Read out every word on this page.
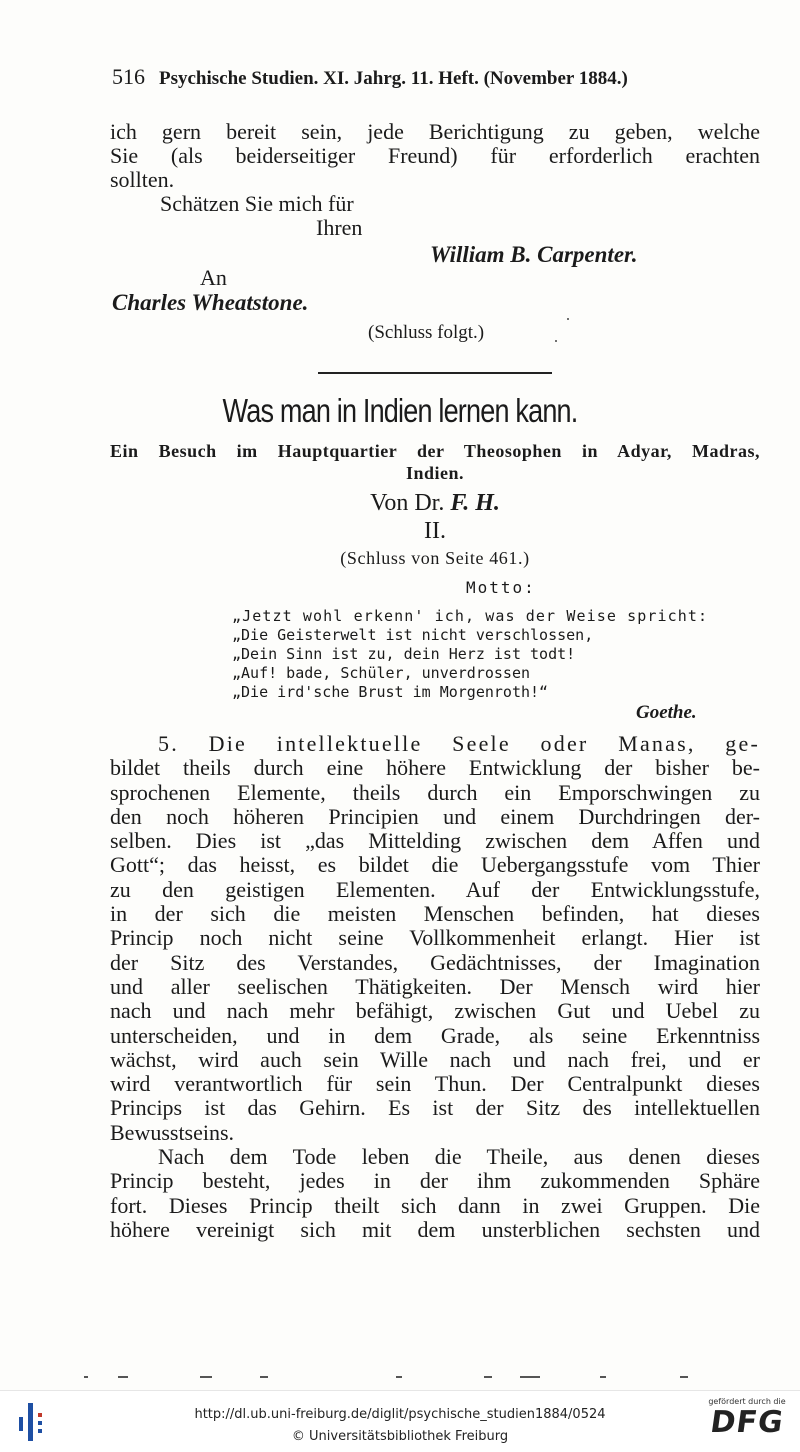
516 Psychische Studien. XI. Jahrg. 11. Heft. (November 1884.)
ich gern bereit sein, jede Berichtigung zu geben, welche
Sie (als beiderseitiger Freund) für erforderlich erachten
sollten.
Schätzen Sie mich für
Ihren
William B. Carpenter.
An
Charles Wheatstone.
(Schluss folgt.)
Was man in Indien lernen kann.
Ein Besuch im Hauptquartier der Theosophen in Adyar, Madras,
Indien.
Von Dr. F. H.
II.
(Schluss von Seite 461.)
Motto:
„Jetzt wohl erkenn' ich, was der Weise spricht:
„Die Geisterwelt ist nicht verschlossen,
„Dein Sinn ist zu, dein Herz ist todt!
„Auf! bade, Schüler, unverdrossen
„Die ird'sche Brust im Morgenroth!“
Goethe.
5. Die intellektuelle Seele oder Manas, ge-
bildet theils durch eine höhere Entwicklung der bisher be-
sprochenen Elemente, theils durch ein Emporschwingen zu
den noch höheren Principien und einem Durchdringen der-
selben. Dies ist „das Mittelding zwischen dem Affen und
Gott“; das heisst, es bildet die Uebergangsstufe vom Thier
zu den geistigen Elementen. Auf der Entwicklungsstufe,
in der sich die meisten Menschen befinden, hat dieses
Princip noch nicht seine Vollkommenheit erlangt. Hier ist
der Sitz des Verstandes, Gedächtnisses, der Imagination
und aller seelischen Thätigkeiten. Der Mensch wird hier
nach und nach mehr befähigt, zwischen Gut und Uebel zu
unterscheiden, und in dem Grade, als seine Erkenntniss
wächst, wird auch sein Wille nach und nach frei, und er
wird verantwortlich für sein Thun. Der Centralpunkt dieses
Princips ist das Gehirn. Es ist der Sitz des intellektuellen
Bewusstseins.
Nach dem Tode leben die Theile, aus denen dieses
Princip besteht, jedes in der ihm zukommenden Sphäre
fort. Dieses Princip theilt sich dann in zwei Gruppen. Die
höhere vereinigt sich mit dem unsterblichen sechsten und
http://dl.ub.uni-freiburg.de/diglit/psychische_studien1884/0524
© Universitätsbibliothek Freiburg
gefördert durch die
DFG
